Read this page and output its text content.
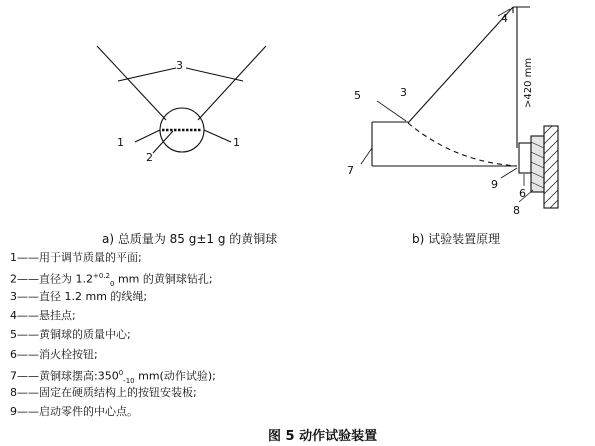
3
1
2
1
4
5	3
7
9
6
8
>420 mm
a) 总质量为 85 g±1 g 的黄铜球	b) 试验装置原理
1——用于调节质量的平面;
2——直径为 $1.2^{+0.2}_0$ mm 的黄铜球钻孔;
3——直径 1.2 mm 的线绳;
4——悬挂点;
5——黄铜球的质量中心;
6——消火栓按钮;
7——黄铜球摆高$:350^0_{-10}$ mm(动作试验);
8——固定在硬质结构上的按钮安装板;
9——启动零件的中心点。
图 5 动作试验装置
